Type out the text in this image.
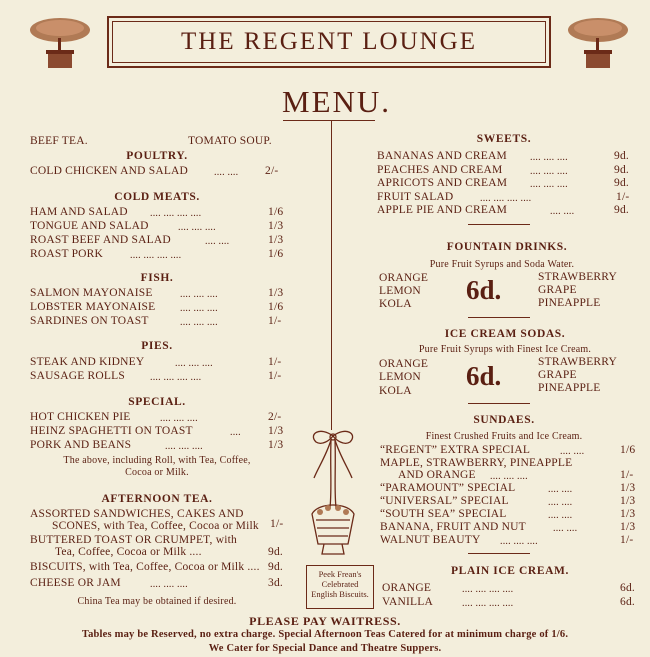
THE REGENT LOUNGE
MENU.
BEEF TEA.	TOMATO SOUP.
POULTRY.
COLD CHICKEN AND SALAD	.... .... 2/-
COLD MEATS.
HAM AND SALAD .... .... .... ....	1/6
TONGUE AND SALAD	.... .... ....	1/3
ROAST BEEF AND SALAD	.... ....	1/3
ROAST PORK	.... .... .... ....	1/6
FISH.
SALMON MAYONAISE	.... .... ....	1/3
LOBSTER MAYONAISE .... .... ....	1/6
SARDINES ON TOAST	.... .... ....	1/-
PIES.
STEAK AND KIDNEY	.... .... ....	1/-
SAUSAGE ROLLS	.... .... .... ....	1/-
SPECIAL.
HOT CHICKEN PIE	.... .... ....	2/-
HEINZ SPAGHETTI ON TOAST	.... 1/3
PORK AND BEANS	.... .... ....	1/3
The above, including Roll, with Tea, Coffee,
Cocoa or Milk.
AFTERNOON TEA.
ASSORTED SANDWICHES, CAKES AND
SCONES, with Tea, Coffee, Cocoa or Milk 1/-
BUTTERED TOAST OR CRUMPET, with
Tea, Coffee, Cocoa or Milk ....	9d.
BISCUITS, with Tea, Coffee, Cocoa or Milk .... 9d.
CHEESE OR JAM	.... .... ....	3d.
China Tea may be obtained if desired.
Peek Frean's
Celebrated
English Biscuits.
SWEETS.
BANANAS AND CREAM .... .... ....	9d.
PEACHES AND CREAM	.... .... ....	9d.
APRICOTS AND CREAM .... .... ....	9d.
FRUIT SALAD	.... .... .... ....	1/-
APPLE PIE AND CREAM	.... ....	9d.
FOUNTAIN DRINKS.
Pure Fruit Syrups and Soda Water.
ORANGE
LEMON
KOLA 6d.	STRAWBERRY
GRAPE
PINEAPPLE
ICE CREAM SODAS.
Pure Fruit Syrups with Finest Ice Cream.
ORANGE
LEMON
KOLA 6d.	STRAWBERRY
GRAPE
PINEAPPLE
SUNDAES.
Finest Crushed Fruits and Ice Cream.
“REGENT” EXTRA SPECIAL	.... ....	1/6
MAPLE, STRAWBERRY, PINEAPPLE
AND ORANGE .... .... ....	1/-
“PARAMOUNT” SPECIAL	.... ....	1/3
“UNIVERSAL” SPECIAL	.... ....	1/3
“SOUTH SEA” SPECIAL	.... ....	1/3
BANANA, FRUIT AND NUT	.... ....	1/3
WALNUT BEAUTY .... .... ....	1/-
PLAIN ICE CREAM.
ORANGE	.... .... .... ....	6d.
VANILLA	.... .... .... ....	6d.
PLEASE PAY WAITRESS.
Tables may be Reserved, no extra charge. Special Afternoon Teas Catered for at minimum charge of 1/6.
We Cater for Special Dance and Theatre Suppers.
